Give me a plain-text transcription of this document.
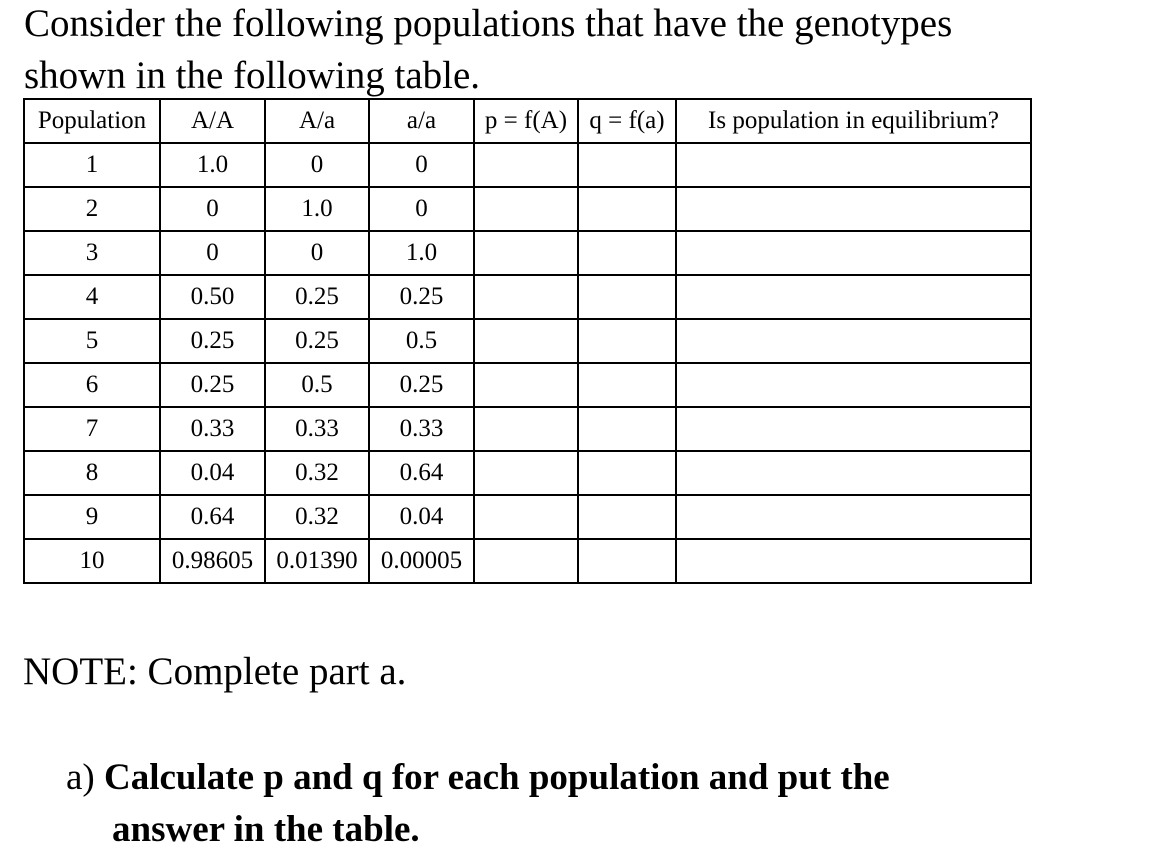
Consider the following populations that have the genotypes
shown in the following table.

Population	A/A	A/a	a/a	p = f(A)	q = f(a)	Is population in equilibrium?
1	1.0	0	0			
2	0	1.0	0			
3	0	0	1.0			
4	0.50	0.25	0.25			
5	0.25	0.25	0.5			
6	0.25	0.5	0.25			
7	0.33	0.33	0.33			
8	0.04	0.32	0.64			
9	0.64	0.32	0.04			
10	0.98605	0.01390	0.00005			

NOTE: Complete part a.

a) Calculate p and q for each population and put the
answer in the table.
